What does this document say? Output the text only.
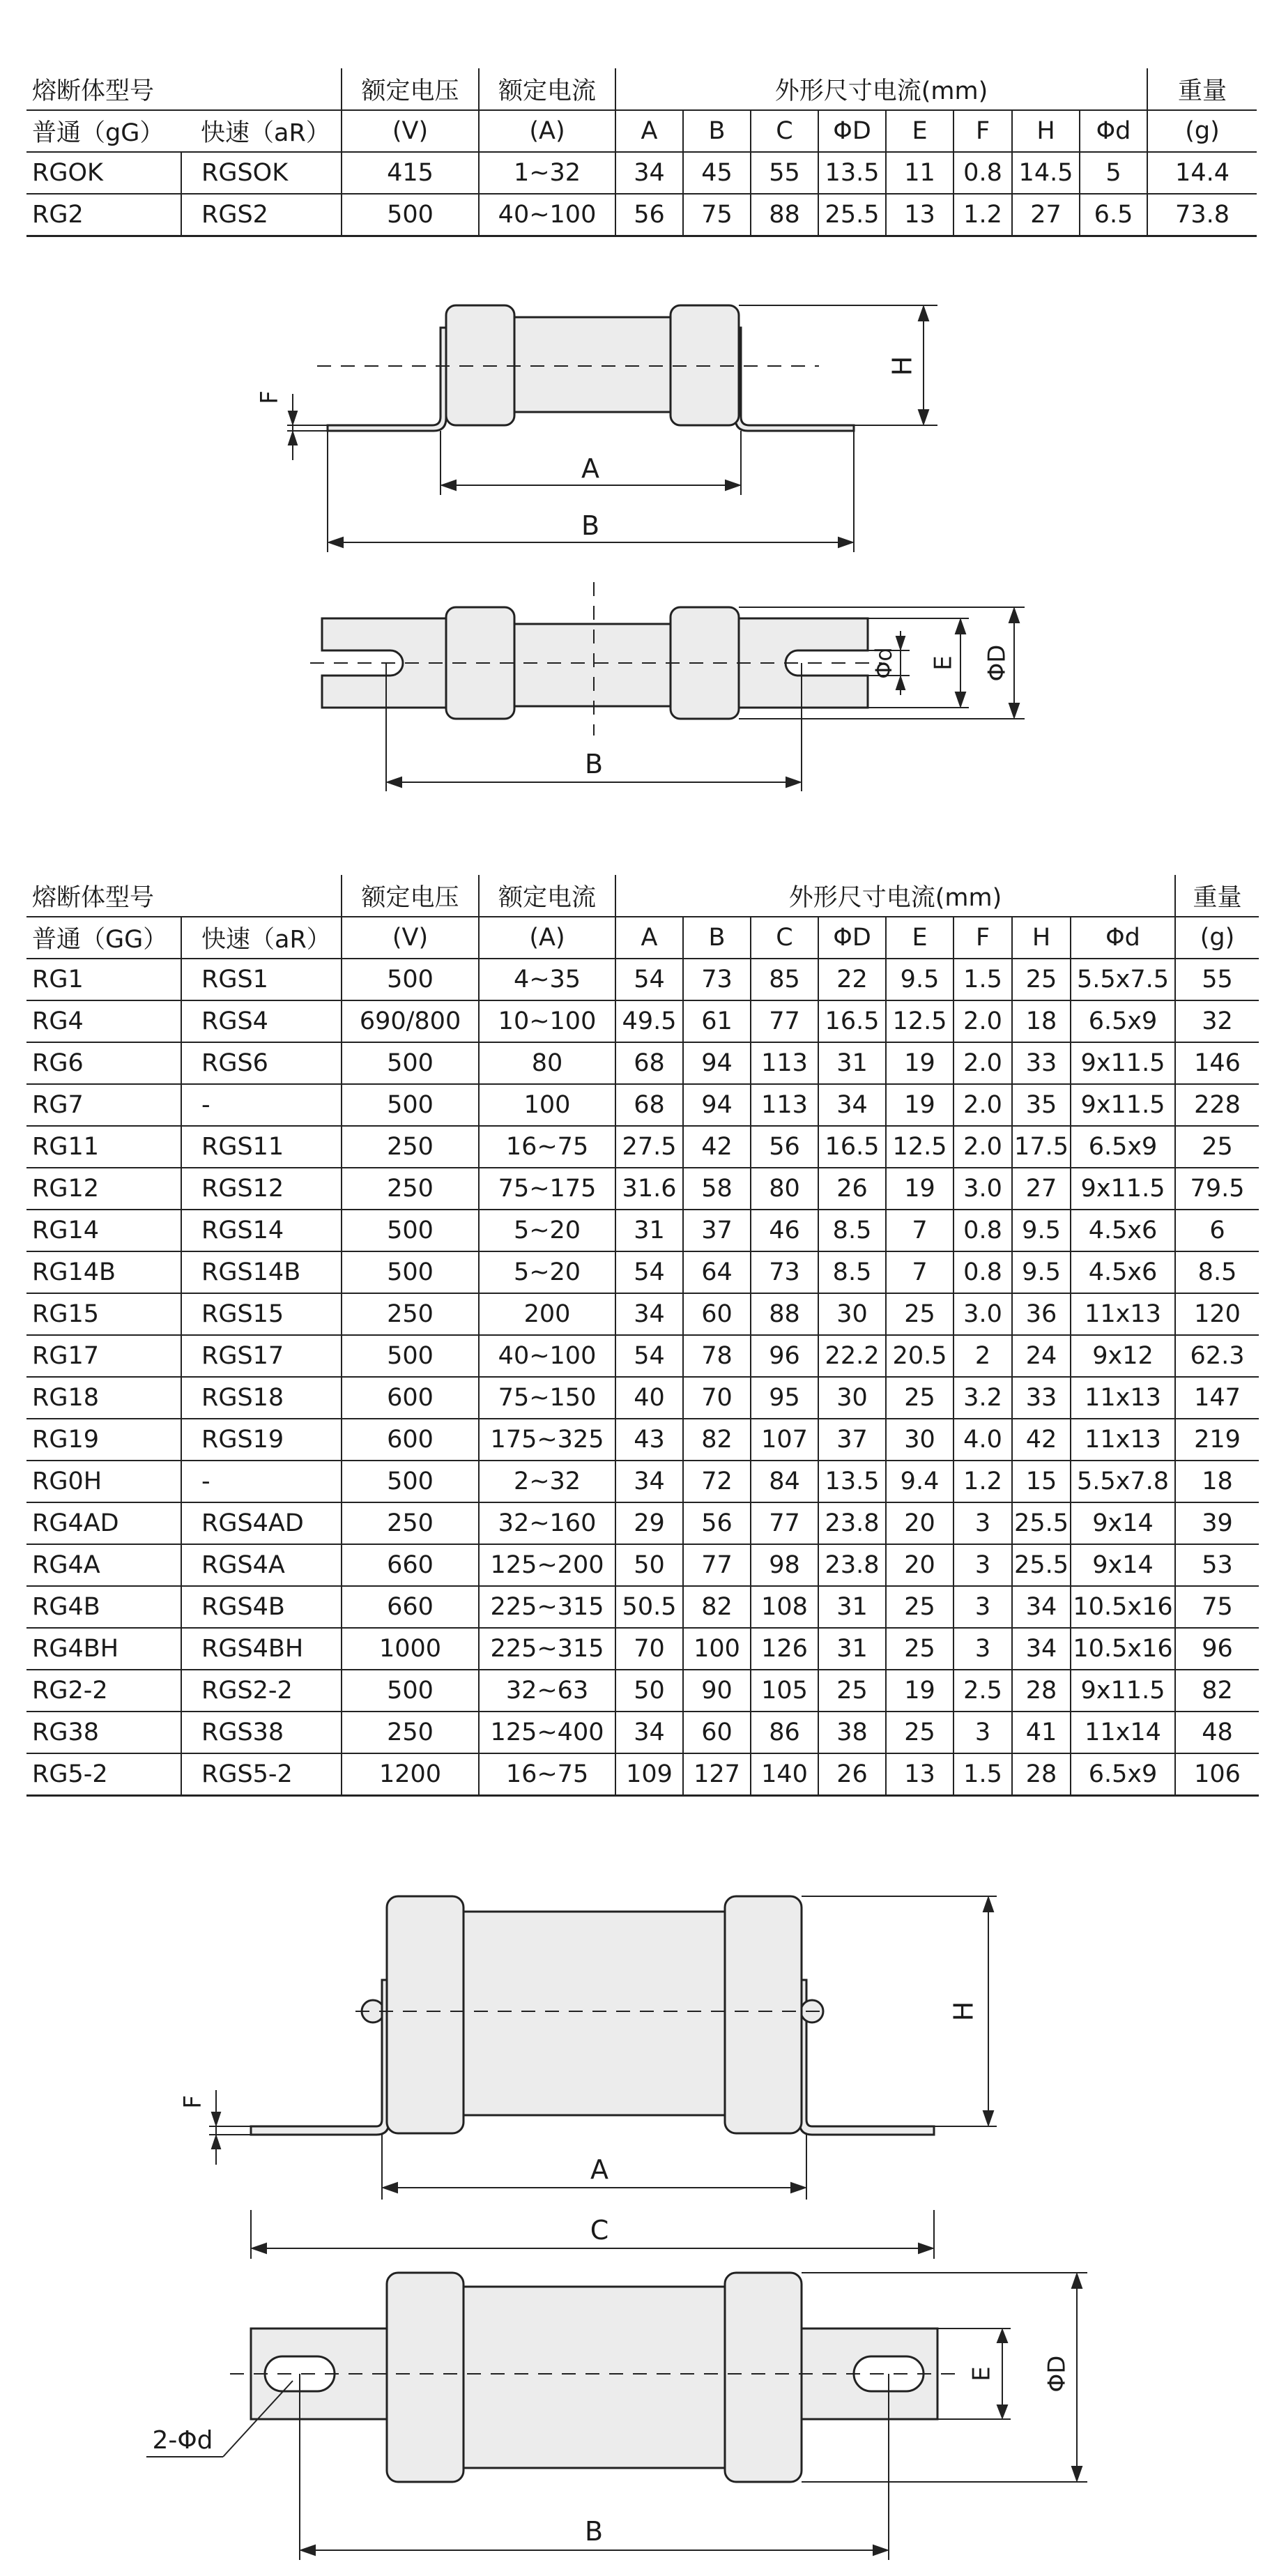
熔断体型号		额定电压	额定电流	外形尺寸电流(mm)								重量
普通（gG）	快速（aR）	(V)	(A)	A	B	C	ΦD	E	F	H	Φd	(g)
RGOK	RGSOK	415	1~32	34	45	55	13.5	11	0.8	14.5	5	14.4
RG2	RGS2	500	40~100	56	75	88	25.5	13	1.2	27	6.5	73.8
A
B
F
H
B
Φd E ΦD
熔断体型号		额定电压	额定电流	外形尺寸电流(mm)								重量
普通（GG）	快速（aR）	(V)	(A)	A	B	C	ΦD	E	F	H	Φd	(g)
RG1	RGS1	500	4~35	54	73	85	22	9.5	1.5	25	5.5x7.5	55
RG4	RGS4	690/800	10~100	49.5	61	77	16.5	12.5	2.0	18	6.5x9	32
RG6	RGS6	500	80	68	94	113	31	19	2.0	33	9x11.5	146
RG7	-	500	100	68	94	113	34	19	2.0	35	9x11.5	228
RG11	RGS11	250	16~75	27.5	42	56	16.5	12.5	2.0	17.5	6.5x9	25
RG12	RGS12	250	75~175	31.6	58	80	26	19	3.0	27	9x11.5	79.5
RG14	RGS14	500	5~20	31	37	46	8.5	7	0.8	9.5	4.5x6	6
RG14B	RGS14B	500	5~20	54	64	73	8.5	7	0.8	9.5	4.5x6	8.5
RG15	RGS15	250	200	34	60	88	30	25	3.0	36	11x13	120
RG17	RGS17	500	40~100	54	78	96	22.2	20.5	2	24	9x12	62.3
RG18	RGS18	600	75~150	40	70	95	30	25	3.2	33	11x13	147
RG19	RGS19	600	175~325	43	82	107	37	30	4.0	42	11x13	219
RG0H	-	500	2~32	34	72	84	13.5	9.4	1.2	15	5.5x7.8	18
RG4AD	RGS4AD	250	32~160	29	56	77	23.8	20	3	25.5	9x14	39
RG4A	RGS4A	660	125~200	50	77	98	23.8	20	3	25.5	9x14	53
RG4B	RGS4B	660	225~315	50.5	82	108	31	25	3	34	10.5x16	75
RG4BH	RGS4BH	1000	225~315	70	100	126	31	25	3	34	10.5x16	96
RG2-2	RGS2-2	500	32~63	50	90	105	25	19	2.5	28	9x11.5	82
RG38	RGS38	250	125~400	34	60	86	38	25	3	41	11x14	48
RG5-2	RGS5-2	1200	16~75	109	127	140	26	13	1.5	28	6.5x9	106
A
F
H
C
B
E ΦD
2-Φd
